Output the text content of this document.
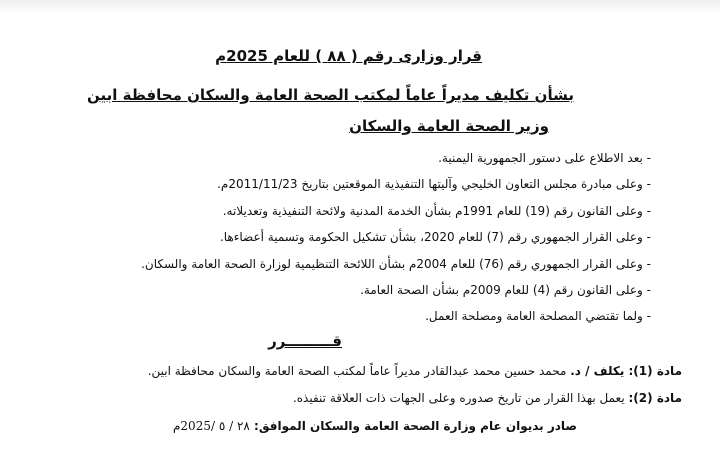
قرار وزارى رقم ( ٨٨ ) للعام 2025م
بشأن تكليف مديراً عاماً لمكتب الصحة العامة والسكان محافظة ابين
وزير الصحة العامة والسكان
- بعد الاطلاع على دستور الجمهورية اليمنية.
- وعلى مبادرة مجلس التعاون الخليجي وآليتها التنفيذية الموقعتين بتاريخ 2011/11/23م.
- وعلى القانون رقم (19) للعام 1991م بشأن الخدمة المدنية ولائحة التنفيذية وتعديلاته.
- وعلى القرار الجمهوري رقم (7) للعام 2020، بشأن تشكيل الحكومة وتسمية أعضاءها.
- وعلى القرار الجمهوري رقم (76) للعام 2004م بشأن اللائحة التنظيمية لوزارة الصحة العامة والسكان.
- وعلى القانون رقم (4) للعام 2009م بشأن الصحة العامة.
- ولما تقتضي المصلحة العامة ومصلحة العمل.
قـــــــــرر
مادة (1): يكلف / د. محمد حسين محمد عبدالقادر مديراً عاماً لمكتب الصحة العامة والسكان محافظة ابين.
مادة (2): يعمل بهذا القرار من تاريخ صدوره وعلى الجهات ذات العلاقة تنفيذه.
صادر بديوان عام وزارة الصحة العامة والسكان الموافق: ٢٨ / ٥ /2025م
